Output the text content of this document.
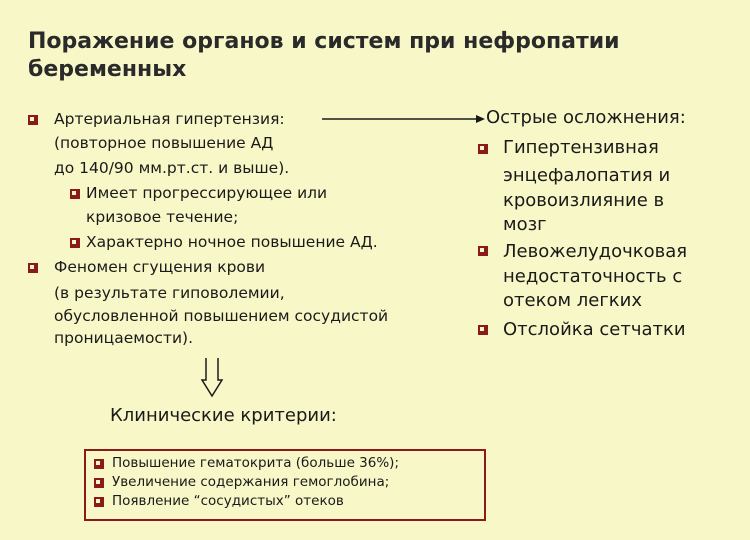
Поражение органов и систем при нефропатии
беременных
Артериальная гипертензия:
(повторное повышение АД
до 140/90 мм.рт.ст. и выше).
Имеет прогрессирующее или
кризовое течение;
Характерно ночное повышение АД.
Феномен сгущения крови
(в результате гиповолемии,
обусловленной повышением сосудистой
проницаемости).
Острые осложнения:
Гипертензивная
энцефалопатия и
кровоизлияние в
мозг
Левожелудочковая
недостаточность с
отеком легких
Отслойка сетчатки
Клинические критерии:
Повышение гематокрита (больше 36%);
Увеличение содержания гемоглобина;
Появление “сосудистых” отеков
